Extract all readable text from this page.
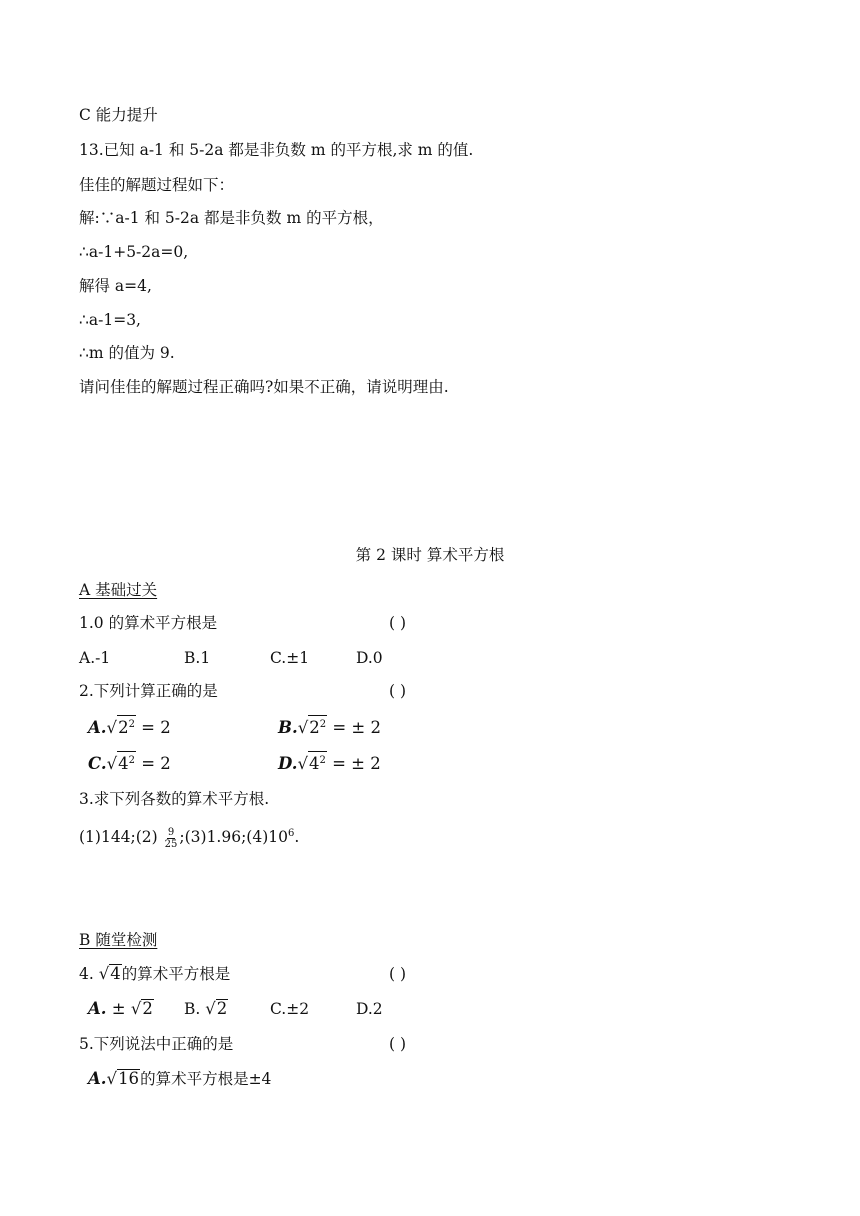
C 能力提升
13.已知 a-1 和 5-2a 都是非负数 m 的平方根,求 m 的值.
佳佳的解题过程如下：
解:∵a-1 和 5-2a 都是非负数 m 的平方根，
∴a-1+5-2a=0,
解得 a=4,
∴a-1=3,
∴m 的值为 9.
请问佳佳的解题过程正确吗?如果不正确，请说明理由.
第 2 课时 算术平方根
A 基础过关
1.0 的算术平方根是	( )
A.-1	B.1	C.±1	D.0
2.下列计算正确的是	( )
$A.√2^2 = 2$	$B.√2^2$ = ± 2
$C.√4^2 = 2$	$D.√4^2$ = ± 2
3.求下列各数的算术平方根.
(1)144;(2) $\frac{9}{25}$ $;(3)1.96;(4)10^6$.
B 随堂检测
4. √4的算术平方根是	( )
A. ± √2 B. √2	C.±2	D.2
5.下列说法中正确的是	( )
A.√16的算术平方根是±4
